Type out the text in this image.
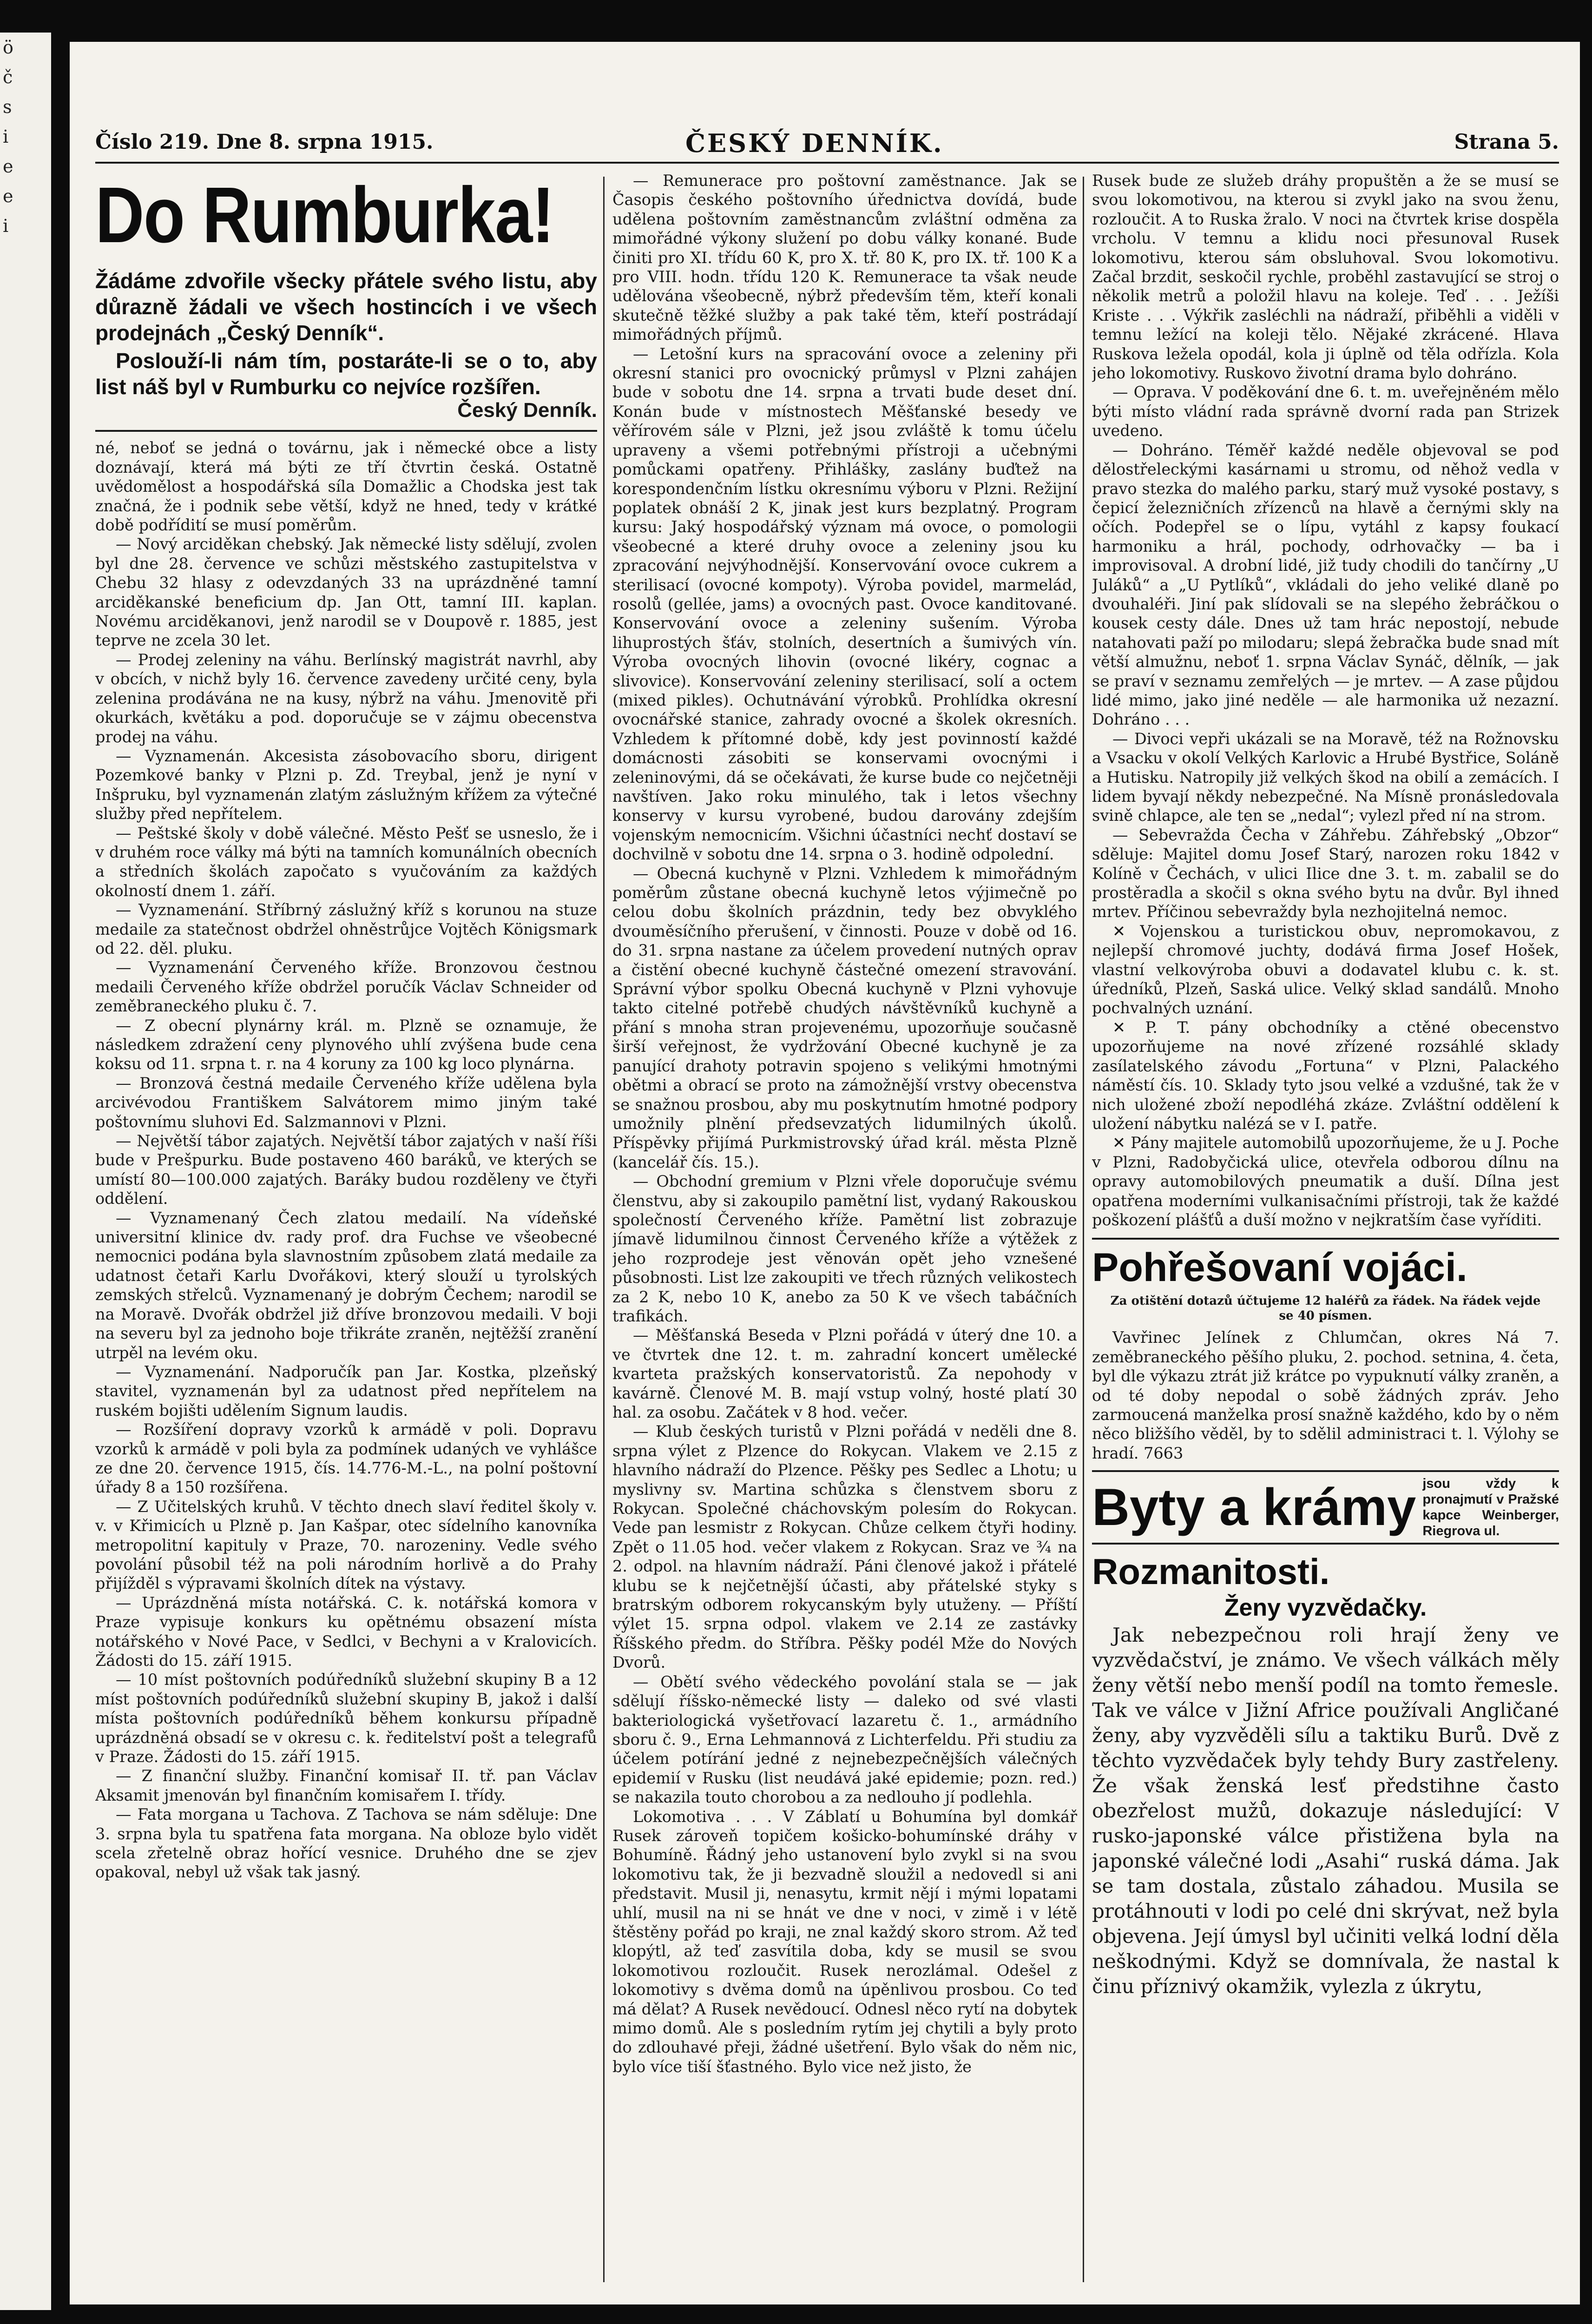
ö
č
s
i
e
e
i
Číslo 219. Dne 8. srpna 1915.	ČESKÝ DENNÍK.	Strana 5.
Do Rumburka!
Žádáme zdvořile všecky přátele svého listu, aby důrazně žádali ve všech hostincích i ve všech prodejnách „Český Denník“.
Poslouží-li nám tím, postaráte-li se o to, aby list náš byl v Rumburku co nejvíce rozšířen.
Český Denník.

né, neboť se jedná o továrnu, jak i německé obce a listy doznávají, která má býti ze tří čtvrtin česká. Ostatně uvědomělost a hospodářská síla Domažlic a Chodska jest tak značná, že i podnik sebe větší, když ne hned, tedy v krátké době podřídití se musí poměrům.

— Nový arciděkan chebský. Jak německé listy sdělují, zvolen byl dne 28. července ve schůzi městského zastupitelstva v Chebu 32 hlasy z odevzdaných 33 na uprázdněné tamní arciděkanské beneficium dp. Jan Ott, tamní III. kaplan. Novému arciděkanovi, jenž narodil se v Doupově r. 1885, jest teprve ne zcela 30 let.

— Prodej zeleniny na váhu. Berlínský magistrát navrhl, aby v obcích, v nichž byly 16. července zavedeny určité ceny, byla zelenina prodávána ne na kusy, nýbrž na váhu. Jmenovitě při okurkách, květáku a pod. doporučuje se v zájmu obecenstva prodej na váhu.

— Vyznamenán. Akcesista zásobovacího sboru, dirigent Pozemkové banky v Plzni p. Zd. Treybal, jenž je nyní v Inšpruku, byl vyznamenán zlatým záslužným křížem za výtečné služby před nepřítelem.

— Peštské školy v době válečné. Město Pešť se usneslo, že i v druhém roce války má býti na tamních komunálních obecních a středních školách započato s vyučováním za každých okolností dnem 1. září.

— Vyznamenání. Stříbrný záslužný kříž s korunou na stuze medaile za statečnost obdržel ohněstrůjce Vojtěch Königsmark od 22. děl. pluku.

— Vyznamenání Červeného kříže. Bronzovou čestnou medaili Červeného kříže obdržel poručík Václav Schneider od zeměbraneckého pluku č. 7.

— Z obecní plynárny král. m. Plzně se oznamuje, že následkem zdražení ceny plynového uhlí zvýšena bude cena koksu od 11. srpna t. r. na 4 koruny za 100 kg loco plynárna.

— Bronzová čestná medaile Červeného kříže udělena byla arcivévodou Františkem Salvátorem mimo jiným také poštovnímu sluhovi Ed. Salzmannovi v Plzni.

— Největší tábor zajatých. Největší tábor zajatých v naší říši bude v Prešpurku. Bude postaveno 460 baráků, ve kterých se umístí 80—100.000 zajatých. Baráky budou rozděleny ve čtyři oddělení.

— Vyznamenaný Čech zlatou medailí. Na vídeňské universitní klinice dv. rady prof. dra Fuchse ve všeobecné nemocnici podána byla slavnostním způsobem zlatá medaile za udatnost četaři Karlu Dvořákovi, který slouží u tyrolských zemských střelců. Vyznamenaný je dobrým Čechem; narodil se na Moravě. Dvořák obdržel již dříve bronzovou medaili. V boji na severu byl za jednoho boje třikráte zraněn, nejtěžší zranění utrpěl na levém oku.

— Vyznamenání. Nadporučík pan Jar. Kostka, plzeňský stavitel, vyznamenán byl za udatnost před nepřítelem na ruském bojišti udělením Signum laudis.

— Rozšíření dopravy vzorků k armádě v poli. Dopravu vzorků k armádě v poli byla za podmínek udaných ve vyhlášce ze dne 20. července 1915, čís. 14.776-M.-L., na polní poštovní úřady 8 a 150 rozšířena.

— Z Učitelských kruhů. V těchto dnech slaví ředitel školy v. v. v Křimicích u Plzně p. Jan Kašpar, otec sídelního kanovníka metropolitní kapituly v Praze, 70. narozeniny. Vedle svého povolání působil též na poli národním horlivě a do Prahy přijížděl s výpravami školních dítek na výstavy.

— Uprázdněná místa notářská. C. k. notářská komora v Praze vypisuje konkurs ku opětnému obsazení místa notářského v Nové Pace, v Sedlci, v Bechyni a v Kralovicích. Žádosti do 15. září 1915.

— 10 míst poštovních podúředníků služební skupiny B a 12 míst poštovních podúředníků služební skupiny B, jakož i další místa poštovních podúředníků během konkursu případně uprázdněná obsadí se v okresu c. k. ředitelství pošt a telegrafů v Praze. Žádosti do 15. září 1915.

— Z finanční služby. Finanční komisař II. tř. pan Václav Aksamit jmenován byl finančním komisařem I. třídy.

— Fata morgana u Tachova. Z Tachova se nám sděluje: Dne 3. srpna byla tu spatřena fata morgana. Na obloze bylo vidět scela zřetelně obraz hořící vesnice. Druhého dne se zjev opakoval, nebyl už však tak jasný.

— Remunerace pro poštovní zaměstnance. Jak se Časopis českého poštovního úřednictva dovídá, bude udělena poštovním zaměstnancům zvláštní odměna za mimořádné výkony služení po dobu války konané. Bude činiti pro XI. třídu 60 K, pro X. tř. 80 K, pro IX. tř. 100 K a pro VIII. hodn. třídu 120 K. Remunerace ta však neude udělována všeobecně, nýbrž především těm, kteří konali skutečně těžké služby a pak také těm, kteří postrádají mimořádných příjmů.

— Letošní kurs na spracování ovoce a zeleniny při okresní stanici pro ovocnický průmysl v Plzni zahájen bude v sobotu dne 14. srpna a trvati bude deset dní. Konán bude v místnostech Měšťanské besedy ve věřírovém sále v Plzni, jež jsou zvláště k tomu účelu upraveny a všemi potřebnými přístroji a učebnými pomůckami opatřeny. Přihlášky, zaslány buďtež na korespondenčním lístku okresnímu výboru v Plzni. Režijní poplatek obnáší 2 K, jinak jest kurs bezplatný. Program kursu: Jaký hospodářský význam má ovoce, o pomologii všeobecné a které druhy ovoce a zeleniny jsou ku zpracování nejvýhodnější. Konservování ovoce cukrem a sterilisací (ovocné kompoty). Výroba povidel, marmelád, rosolů (gellée, jams) a ovocných past. Ovoce kanditované. Konservování ovoce a zeleniny sušením. Výroba lihuprostých šťáv, stolních, desertních a šumivých vín. Výroba ovocných lihovin (ovocné likéry, cognac a slivovice). Konservování zeleniny sterilisací, solí a octem (mixed pikles). Ochutnávání výrobků. Prohlídka okresní ovocnářské stanice, zahrady ovocné a školek okresních. Vzhledem k přítomné době, kdy jest povinností každé domácnosti zásobiti se konservami ovocnými i zeleninovými, dá se očekávati, že kurse bude co nejčetněji navštíven. Jako roku minulého, tak i letos všechny konservy v kursu vyrobené, budou darovány zdejším vojenským nemocnicím. Všichni účastníci nechť dostaví se dochvilně v sobotu dne 14. srpna o 3. hodině odpolední.

— Obecná kuchyně v Plzni. Vzhledem k mimořádným poměrům zůstane obecná kuchyně letos výjimečně po celou dobu školních prázdnin, tedy bez obvyklého dvouměsíčního přerušení, v činnosti. Pouze v době od 16. do 31. srpna nastane za účelem provedení nutných oprav a čistění obecné kuchyně částečné omezení stravování. Správní výbor spolku Obecná kuchyně v Plzni vyhovuje takto citelné potřebě chudých návštěvníků kuchyně a přání s mnoha stran projevenému, upozorňuje současně širší veřejnost, že vydržování Obecné kuchyně je za panující drahoty potravin spojeno s velikými hmotnými obětmi a obrací se proto na zámožnější vrstvy obecenstva se snažnou prosbou, aby mu poskytnutím hmotné podpory umožnily plnění předsevzatých lidumilných úkolů. Příspěvky přijímá Purkmistrovský úřad král. města Plzně (kancelář čís. 15.).

— Obchodní gremium v Plzni vřele doporučuje svému členstvu, aby si zakoupilo pamětní list, vydaný Rakouskou společností Červeného kříže. Pamětní list zobrazuje jímavě lidumilnou činnost Červeného kříže a výtěžek z jeho rozprodeje jest věnován opět jeho vznešené působnosti. List lze zakoupiti ve třech různých velikostech za 2 K, nebo 10 K, anebo za 50 K ve všech tabáčních trafikách.

— Měšťanská Beseda v Plzni pořádá v úterý dne 10. a ve čtvrtek dne 12. t. m. zahradní koncert umělecké kvarteta pražských konservatoristů. Za nepohody v kavárně. Členové M. B. mají vstup volný, hosté platí 30 hal. za osobu. Začátek v 8 hod. večer.

— Klub českých turistů v Plzni pořádá v neděli dne 8. srpna výlet z Plzence do Rokycan. Vlakem ve 2.15 z hlavního nádraží do Plzence. Pěšky pes Sedlec a Lhotu; u myslivny sv. Martina schůzka s členstvem sboru z Rokycan. Společné cháchovským polesím do Rokycan. Vede pan lesmistr z Rokycan. Chůze celkem čtyři hodiny. Zpět o 11.05 hod. večer vlakem z Rokycan. Sraz ve ¾ na 2. odpol. na hlavním nádraží. Páni členové jakož i přátelé klubu se k nejčetnější účasti, aby přátelské styky s bratrským odborem rokycanským byly utuženy. — Příští výlet 15. srpna odpol. vlakem ve 2.14 ze zastávky Říšského předm. do Stříbra. Pěšky podél Mže do Nových Dvorů.

— Obětí svého vědeckého povolání stala se — jak sdělují říšsko-německé listy — daleko od své vlasti bakteriologická vyšetřovací lazaretu č. 1., armádního sboru č. 9., Erna Lehmannová z Lichterfeldu. Při studiu za účelem potírání jedné z nejnebezpečnějších válečných epidemií v Rusku (list neudává jaké epidemie; pozn. red.) se nakazila touto chorobou a za nedlouho jí podlehla.

Lokomotiva . . . V Záblatí u Bohumína byl domkář Rusek zároveň topičem košicko-bohumínské dráhy v Bohumíně. Řádný jeho ustanovení bylo zvykl si na svou lokomotivu tak, že ji bezvadně sloužil a nedovedl si ani představit. Musil ji, nenasytu, krmit nějí i mými lopatami uhlí, musil na ni se hnát ve dne v noci, v zimě i v létě štěstěny pořád po kraji, ne znal každý skoro strom. Až teď klopýtl, až teď zasvítila doba, kdy se musil se svou lokomotivou rozloučit. Rusek nerozlámal. Odešel z lokomotivy s dvěma domů na úpěnlivou prosbou. Co teď má dělat? A Rusek nevědoucí. Odnesl něco rytí na dobytek mimo domů. Ale s posledním rytím jej chytili a byly proto do zdlouhavé přeji, žádné ušetření. Bylo však do něm nic, bylo více tiší šťastného. Bylo vice než jisto, že

Rusek bude ze služeb dráhy propuštěn a že se musí se svou lokomotivou, na kterou si zvykl jako na svou ženu, rozloučit. A to Ruska žralo. V noci na čtvrtek krise dospěla vrcholu. V temnu a klidu noci přesunoval Rusek lokomotivu, kterou sám obsluhoval. Svou lokomotivu. Začal brzdit, seskočil rychle, proběhl zastavující se stroj o několik metrů a položil hlavu na koleje. Teď . . . Ježíši Kriste . . . Výkřik zasléchli na nádraží, přiběhli a viděli v temnu ležící na koleji tělo. Nějaké zkrácené. Hlava Ruskova ležela opodál, kola ji úplně od těla odřízla. Kola jeho lokomotivy. Ruskovo životní drama bylo dohráno.

— Oprava. V poděkování dne 6. t. m. uveřejněném mělo býti místo vládní rada správně dvorní rada pan Strizek uvedeno.

— Dohráno. Téměř každé neděle objevoval se pod dělostřeleckými kasárnami u stromu, od něhož vedla v pravo stezka do malého parku, starý muž vysoké postavy, s čepicí železničních zřízenců na hlavě a černými skly na očích. Podepřel se o lípu, vytáhl z kapsy foukací harmoniku a hrál, pochody, odrhovačky — ba i improvisoval. A drobní lidé, již tudy chodili do tančírny „U Juláků“ a „U Pytlíků“, vkládali do jeho veliké dlaně po dvouhaléři. Jiní pak slídovali se na slepého žebráčkou o kousek cesty dále. Dnes už tam hrác nepostojí, nebude natahovati paží po milodaru; slepá žebračka bude snad mít větší almužnu, neboť 1. srpna Václav Synáč, dělník, — jak se praví v seznamu zemřelých — je mrtev. — A zase půjdou lidé mimo, jako jiné neděle — ale harmonika už nezazní. Dohráno . . .

— Divoci vepři ukázali se na Moravě, též na Rožnovsku a Vsacku v okolí Velkých Karlovic a Hrubé Bystřice, Soláně a Hutisku. Natropily již velkých škod na obilí a zemácích. I lidem byvají někdy nebezpečné. Na Mísně pronásledovala svině chlapce, ale ten se „nedal“; vylezl před ní na strom.

— Sebevražda Čecha v Záhřebu. Záhřebský „Obzor“ sděluje: Majitel domu Josef Starý, narozen roku 1842 v Kolíně v Čechách, v ulici Ilice dne 3. t. m. zabalil se do prostěradla a skočil s okna svého bytu na dvůr. Byl ihned mrtev. Příčinou sebevraždy byla nezhojitelná nemoc.

✕ Vojenskou a turistickou obuv, nepromokavou, z nejlepší chromové juchty, dodává firma Josef Hošek, vlastní velkovýroba obuvi a dodavatel klubu c. k. st. úředníků, Plzeň, Saská ulice. Velký sklad sandálů. Mnoho pochvalných uznání.

✕ P. T. pány obchodníky a ctěné obecenstvo upozorňujeme na nové zřízené rozsáhlé sklady zasílatelského závodu „Fortuna“ v Plzni, Palackého náměstí čís. 10. Sklady tyto jsou velké a vzdušné, tak že v nich uložené zboží nepodléhá zkáze. Zvláštní oddělení k uložení nábytku nalézá se v I. patře.

✕ Pány majitele automobilů upozorňujeme, že u J. Poche v Plzni, Radobyčická ulice, otevřela odborou dílnu na opravy automobilových pneumatik a duší. Dílna jest opatřena moderními vulkanisačními přístroji, tak že každé poškození plášťů a duší možno v nejkratším čase vyříditi.

Pohřešovaní vojáci.
Za otištění dotazů účtujeme 12 haléřů za řádek. Na řádek vejde se 40 písmen.

Vavřinec Jelínek z Chlumčan, okres Ná 7. zeměbraneckého pěšího pluku, 2. pochod. setnina, 4. četa, byl dle výkazu ztrát již krátce po vypuknutí války zraněn, a od té doby nepodal o sobě žádných zpráv. Jeho zarmoucená manželka prosí snažně každého, kdo by o něm něco bližšího věděl, by to sdělil administraci t. l. Výlohy se hradí. 7663

Byty a krámy jsou vždy k pronajmutí v Pražské kapce Weinberger, Riegrova ul.
Rozmanitosti.
Ženy vyzvědačky.

Jak nebezpečnou roli hrají ženy ve vyzvědačství, je známo. Ve všech válkách měly ženy větší nebo menší podíl na tomto řemesle. Tak ve válce v Jižní Africe používali Angličané ženy, aby vyzvěděli sílu a taktiku Burů. Dvě z těchto vyzvědaček byly tehdy Bury zastřeleny. Že však ženská lesť předstihne často obezřelost mužů, dokazuje následující: V rusko-japonské válce přistižena byla na japonské válečné lodi „Asahi“ ruská dáma. Jak se tam dostala, zůstalo záhadou. Musila se protáhnouti v lodi po celé dni skrývat, než byla objevena. Její úmysl byl učiniti velká lodní děla neškodnými. Když se domnívala, že nastal k činu příznivý okamžik, vylezla z úkrytu,
